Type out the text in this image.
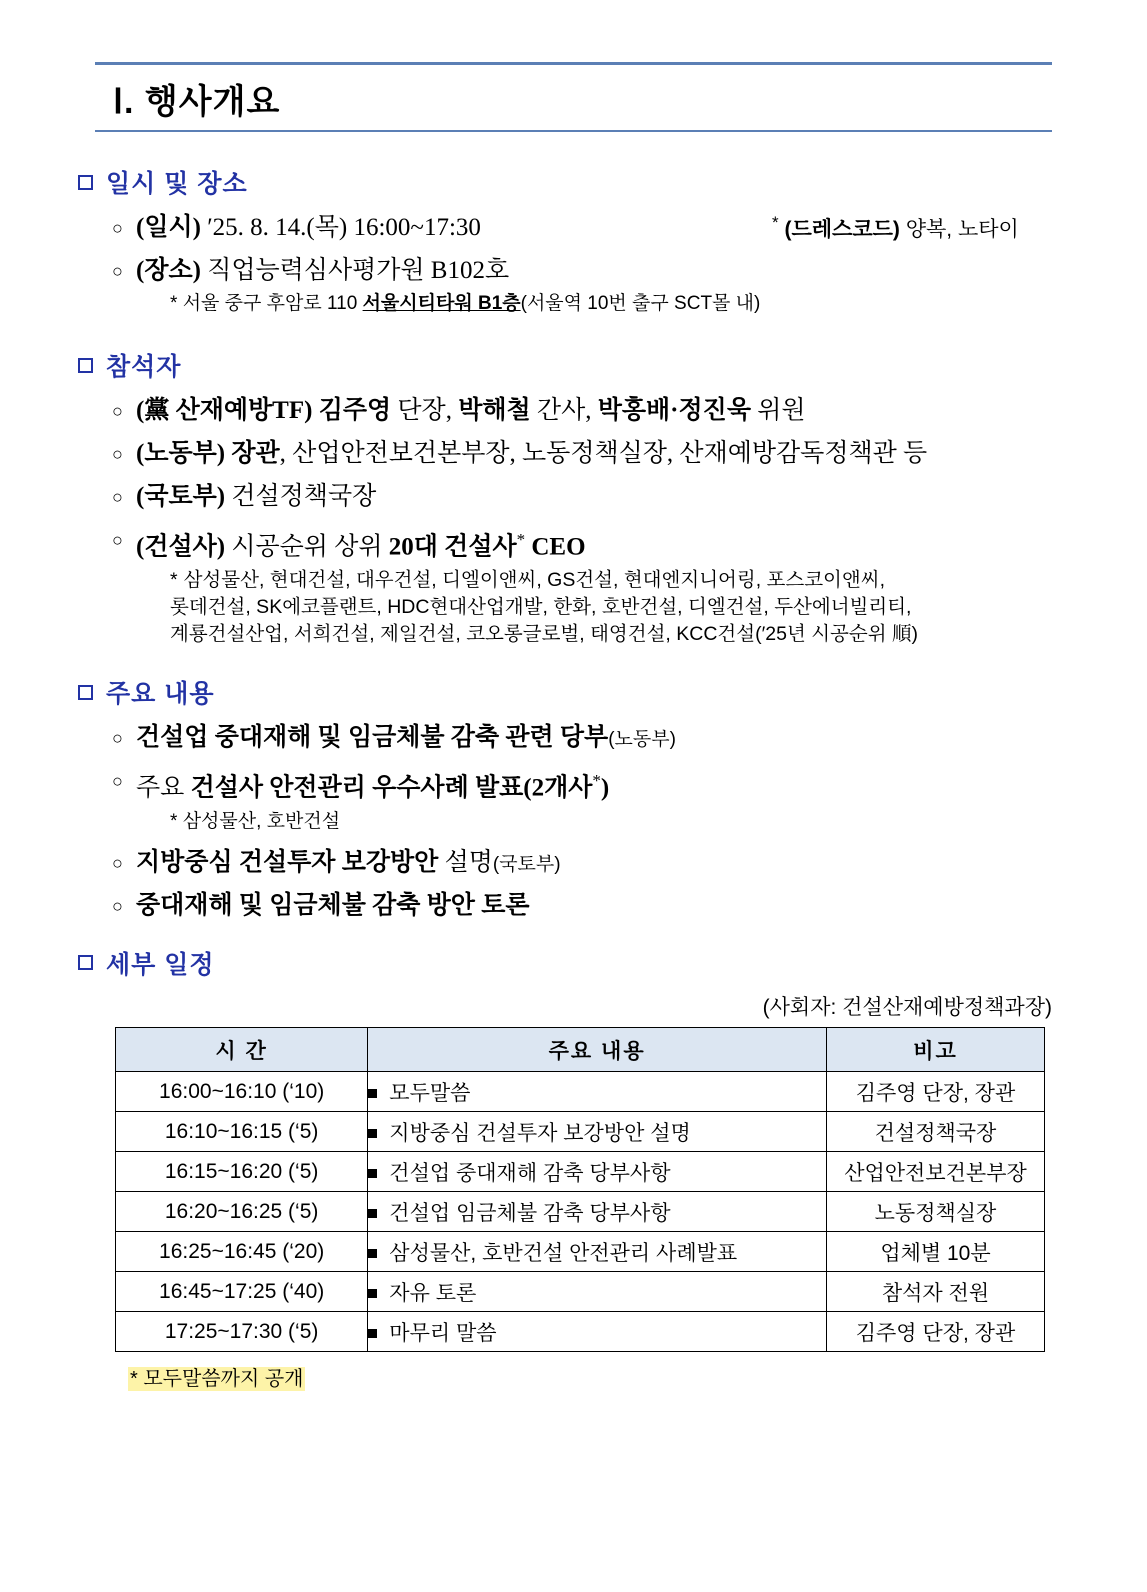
Ⅰ. 행사개요
일시 및 장소
○ (일시) ′25. 8. 14.(목) 16:00~17:30	* (드레스코드) 양복, 노타이
○ (장소) 직업능력심사평가원 B102호
* 서울 중구 후암로 110 서울시티타워 B1층(서울역 10번 출구 SCT몰 내)
참석자
○ (黨 산재예방TF) 김주영 단장, 박해철 간사, 박홍배·정진욱 위원
○ (노동부) 장관, 산업안전보건본부장, 노동정책실장, 산재예방감독정책관 등
○ (국토부) 건설정책국장
○ (건설사) 시공순위 상위 20대 건설사* CEO
* 삼성물산, 현대건설, 대우건설, 디엘이앤씨, GS건설, 현대엔지니어링, 포스코이앤씨,
롯데건설, SK에코플랜트, HDC현대산업개발, 한화, 호반건설, 디엘건설, 두산에너빌리티,
계룡건설산업, 서희건설, 제일건설, 코오롱글로벌, 태영건설, KCC건설(′25년 시공순위 順)
주요 내용
○ 건설업 중대재해 및 임금체불 감축 관련 당부(노동부)
○ 주요 건설사 안전관리 우수사례 발표(2개사*)
* 삼성물산, 호반건설
○ 지방중심 건설투자 보강방안 설명(국토부)
○ 중대재해 및 임금체불 감축 방안 토론
세부 일정
(사회자: 건설산재예방정책과장)
시 간	주요 내용	비고
16:00~16:10 (‘10)	모두말씀	김주영 단장, 장관
16:10~16:15 (‘5)	지방중심 건설투자 보강방안 설명	건설정책국장
16:15~16:20 (‘5)	건설업 중대재해 감축 당부사항	산업안전보건본부장
16:20~16:25 (‘5)	건설업 임금체불 감축 당부사항	노동정책실장
16:25~16:45 (‘20)	삼성물산, 호반건설 안전관리 사례발표	업체별 10분
16:45~17:25 (‘40)	자유 토론	참석자 전원
17:25~17:30 (‘5)	마무리 말씀	김주영 단장, 장관
* 모두말씀까지 공개
